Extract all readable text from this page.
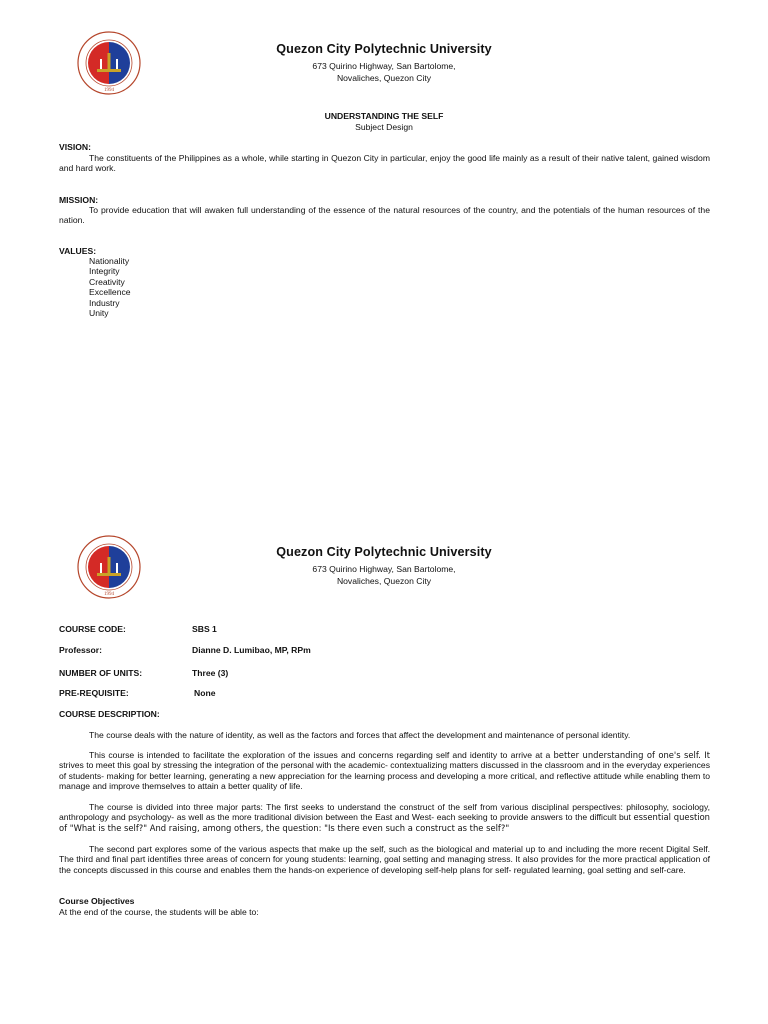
1994
Quezon City Polytechnic University
673 Quirino Highway, San Bartolome,
Novaliches, Quezon City
UNDERSTANDING THE SELF
Subject Design
VISION:
The constituents of the Philippines as a whole, while starting in Quezon City in particular, enjoy the good life mainly as a result of their native talent, gained wisdom and hard work.
MISSION:
To provide education that will awaken full understanding of the essence of the natural resources of the country, and the potentials of the human resources of the nation.
VALUES:
Nationality
Integrity
Creativity
Excellence
Industry
Unity
1994
Quezon City Polytechnic University
673 Quirino Highway, San Bartolome,
Novaliches, Quezon City
COURSE CODE:	SBS 1
Professor:	Dianne D. Lumibao, MP, RPm
NUMBER OF UNITS:	Three (3)
PRE-REQUISITE:	None
COURSE DESCRIPTION:
The course deals with the nature of identity, as well as the factors and forces that affect the development and maintenance of personal identity.
This course is intended to facilitate the exploration of the issues and concerns regarding self and identity to arrive at a better understanding of one's self. It strives to meet this goal by stressing the integration of the personal with the academic- contextualizing matters discussed in the classroom and in the everyday experiences of students- making for better learning, generating a new appreciation for the learning process and developing a more critical, and reflective attitude while enabling them to manage and improve themselves to attain a better quality of life.
The course is divided into three major parts: The first seeks to understand the construct of the self from various disciplinal perspectives: philosophy, sociology, anthropology and psychology- as well as the more traditional division between the East and West- each seeking to provide answers to the difficult but essential question of "What is the self?" And raising, among others, the question: "Is there even such a construct as the self?"
The second part explores some of the various aspects that make up the self, such as the biological and material up to and including the more recent Digital Self. The third and final part identifies three areas of concern for young students: learning, goal setting and managing stress. It also provides for the more practical application of the concepts discussed in this course and enables them the hands-on experience of developing self-help plans for self- regulated learning, goal setting and self-care.
Course Objectives
At the end of the course, the students will be able to:
